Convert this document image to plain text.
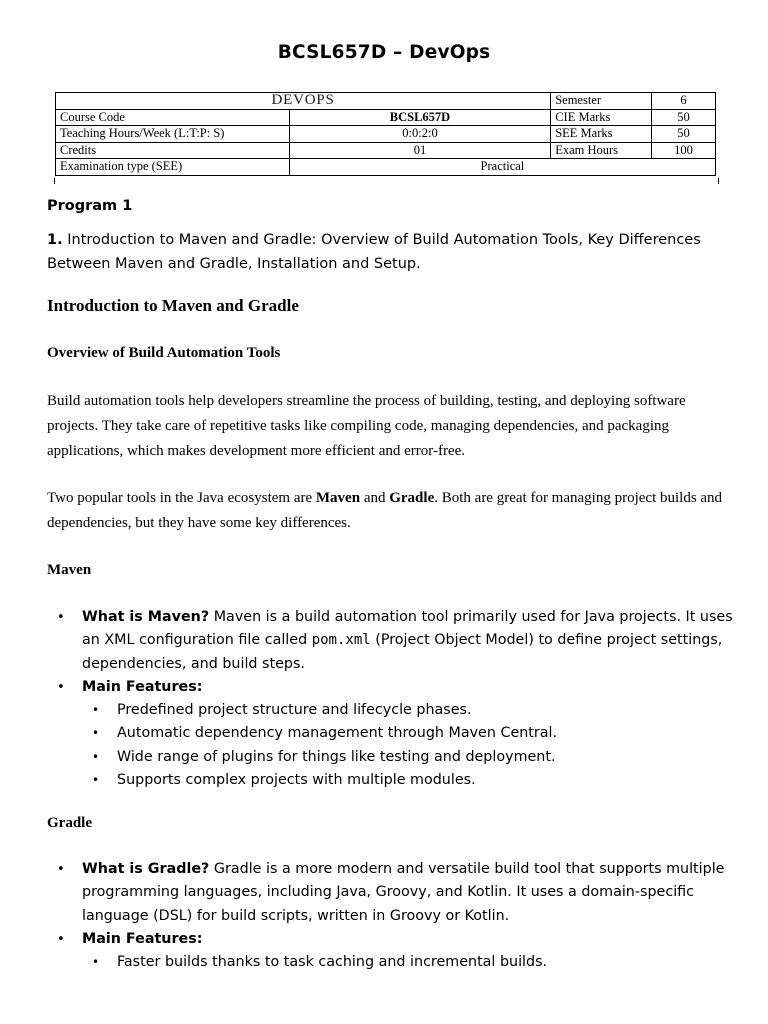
BCSL657D – DevOps
DEVOPS		Semester	6
Course Code	BCSL657D	CIE Marks	50
Teaching Hours/Week (L:T:P: S)	0:0:2:0	SEE Marks	50
Credits	01	Exam Hours	100
Examination type (SEE)	Practical		
Program 1
1. Introduction to Maven and Gradle: Overview of Build Automation Tools, Key Differences Between Maven and Gradle, Installation and Setup.
Introduction to Maven and Gradle
Overview of Build Automation Tools
Build automation tools help developers streamline the process of building, testing, and deploying software projects. They take care of repetitive tasks like compiling code, managing dependencies, and packaging applications, which makes development more efficient and error-free.
Two popular tools in the Java ecosystem are Maven and Gradle. Both are great for managing project builds and dependencies, but they have some key differences.
Maven
• What is Maven? Maven is a build automation tool primarily used for Java projects. It uses an XML configuration file called pom.xml (Project Object Model) to define project settings, dependencies, and build steps.
• Main Features:
• Predefined project structure and lifecycle phases.
• Automatic dependency management through Maven Central.
• Wide range of plugins for things like testing and deployment.
• Supports complex projects with multiple modules.
Gradle
• What is Gradle? Gradle is a more modern and versatile build tool that supports multiple programming languages, including Java, Groovy, and Kotlin. It uses a domain-specific language (DSL) for build scripts, written in Groovy or Kotlin.
• Main Features:
• Faster builds thanks to task caching and incremental builds.
